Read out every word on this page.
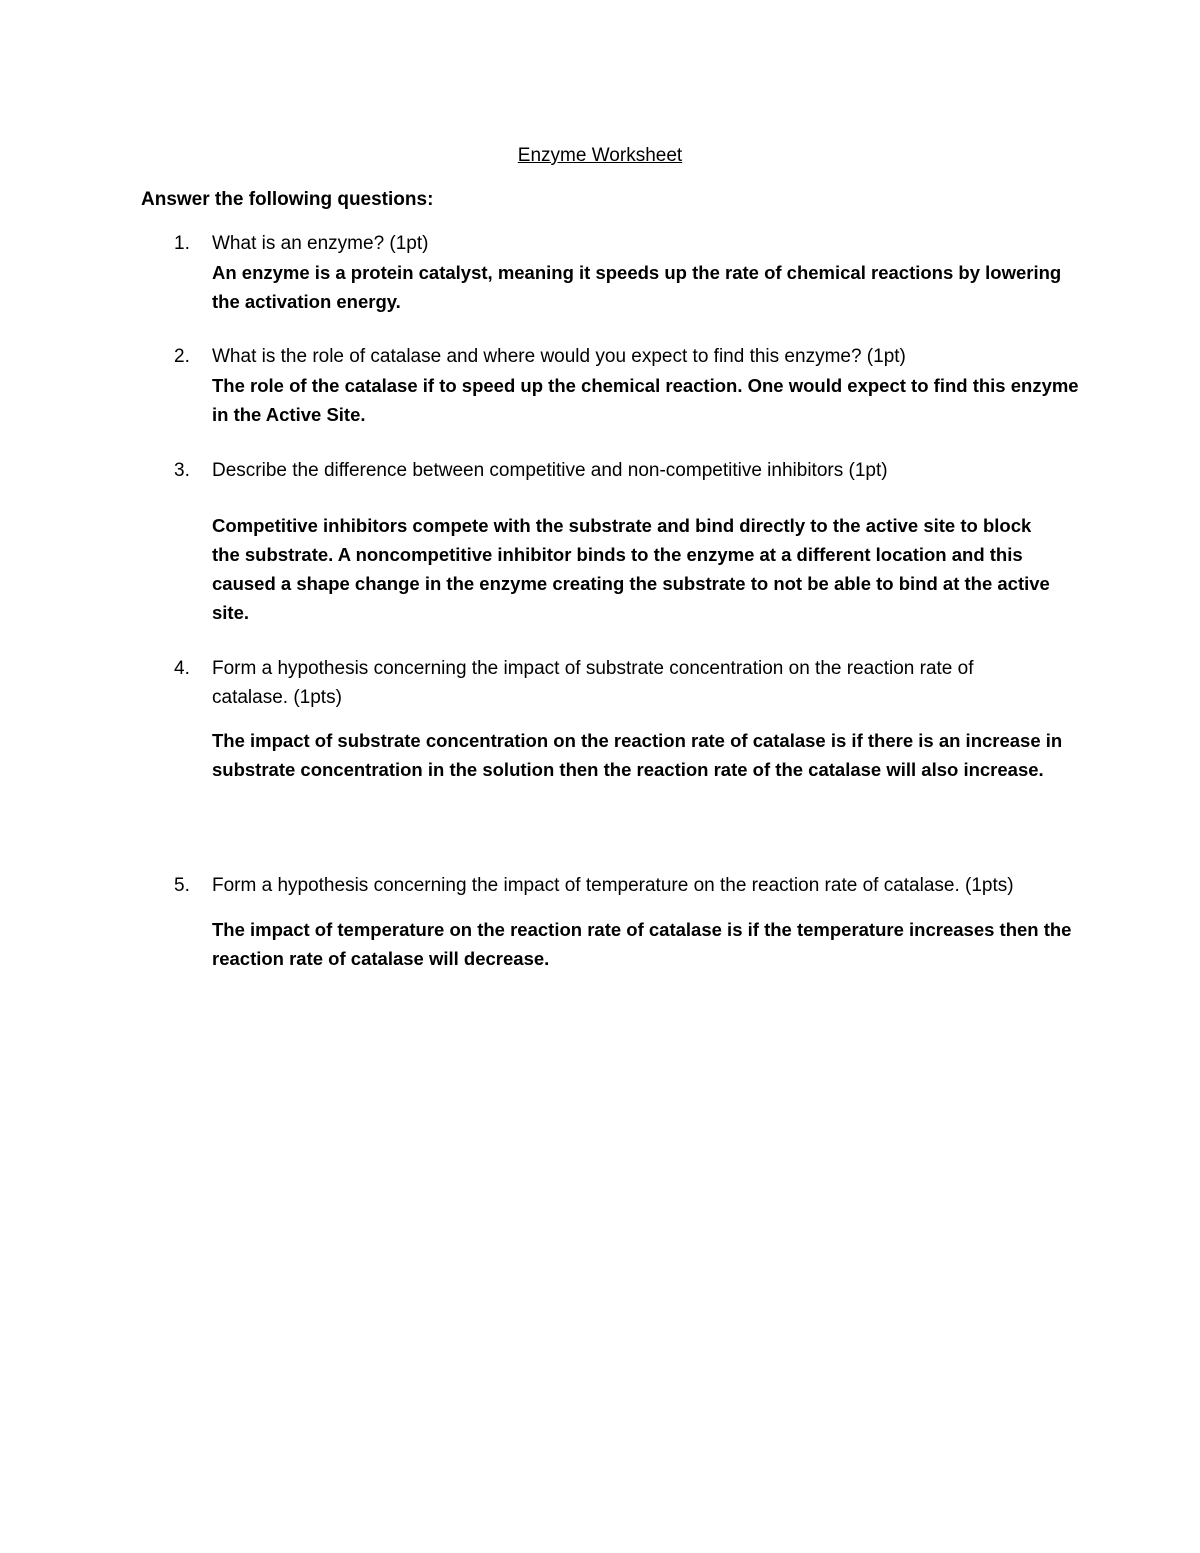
Enzyme Worksheet
Answer the following questions:
1. What is an enzyme? (1pt)
An enzyme is a protein catalyst, meaning it speeds up the rate of chemical reactions by lowering the activation energy.
2. What is the role of catalase and where would you expect to find this enzyme? (1pt)
The role of the catalase if to speed up the chemical reaction. One would expect to find this enzyme in the Active Site.
3. Describe the difference between competitive and non-competitive inhibitors (1pt)
Competitive inhibitors compete with the substrate and bind directly to the active site to block the substrate. A noncompetitive inhibitor binds to the enzyme at a different location and this caused a shape change in the enzyme creating the substrate to not be able to bind at the active site.
4. Form a hypothesis concerning the impact of substrate concentration on the reaction rate of catalase. (1pts)
The impact of substrate concentration on the reaction rate of catalase is if there is an increase in substrate concentration in the solution then the reaction rate of the catalase will also increase.
5. Form a hypothesis concerning the impact of temperature on the reaction rate of catalase. (1pts)
The impact of temperature on the reaction rate of catalase is if the temperature increases then the reaction rate of catalase will decrease.
